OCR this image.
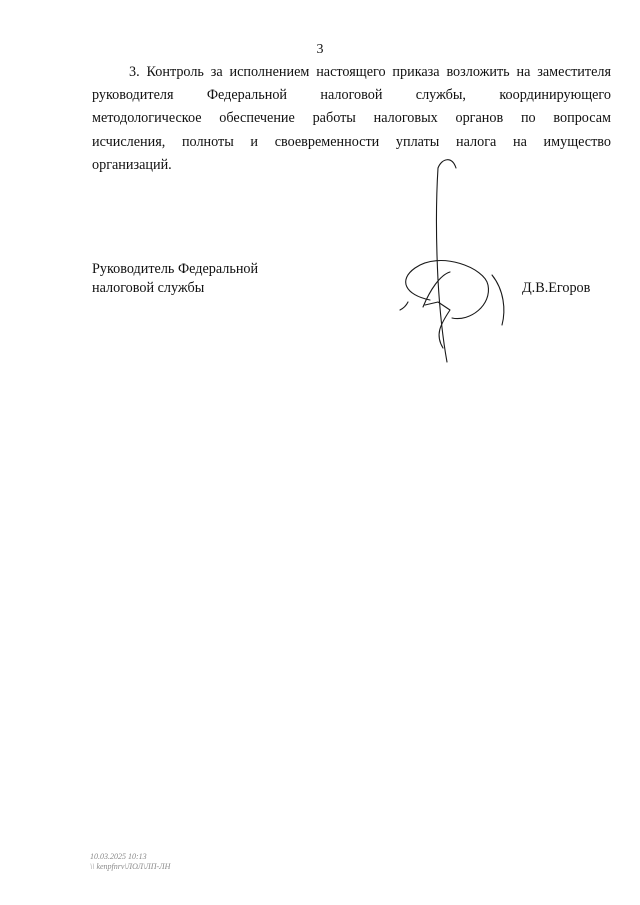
3

3. Контроль за исполнением настоящего приказа возложить на заместителя
руководителя Федеральной налоговой службы, координирующего
методологическое обеспечение работы налоговых органов по вопросам
исчисления, полноты и своевременности уплаты налога на имущество
организаций.

Руководитель Федеральной
налоговой службы	Д.В.Егоров
10.03.2025 10:13
\\ kenpfnrv\ЛОЛ\ЛП-ЛН
